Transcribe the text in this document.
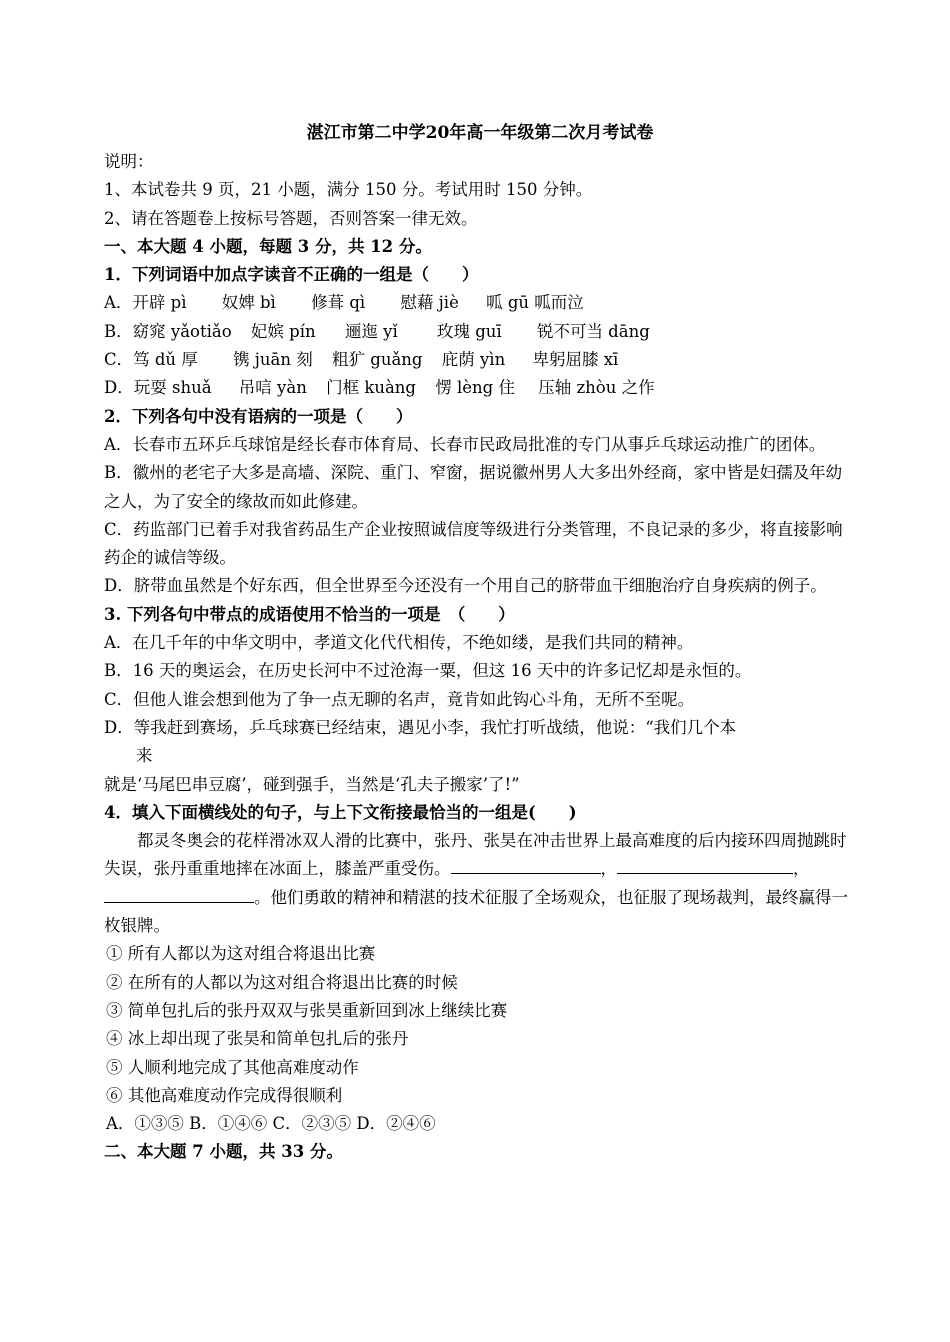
湛江市第二中学20年高一年级第二次月考试卷
说明：
1、本试卷共 9 页，21 小题，满分 150 分。考试用时 150 分钟。
2、请在答题卷上按标号答题，否则答案一律无效。
一、本大题 4 小题，每题 3 分，共 12 分。
1．下列词语中加点字读音不正确的一组是（　　）
A．开辟 pì 奴婢 bì 修葺 qì 慰藉 jiè 呱 gū 呱而泣
B．窈窕 yǎotiǎo 妃嫔 pín 逦迤 yǐ 玫瑰 guī 锐不可当 dāng
C．笃 dǔ 厚 镌 juān 刻 粗犷 guǎng 庇荫 yìn 卑躬屈膝 xī
D．玩耍 shuǎ 吊唁 yàn 门框 kuàng 愣 lèng 住 压轴 zhòu 之作
2．下列各句中没有语病的一项是（　　）
A．长春市五环乒乓球馆是经长春市体育局、长春市民政局批准的专门从事乒乓球运动推广的团体。
B．徽州的老宅子大多是高墙、深院、重门、窄窗，据说徽州男人大多出外经商，家中皆是妇孺及年幼之人，为了安全的缘故而如此修建。
C．药监部门已着手对我省药品生产企业按照诚信度等级进行分类管理，不良记录的多少，将直接影响药企的诚信等级。
D．脐带血虽然是个好东西，但全世界至今还没有一个用自己的脐带血干细胞治疗自身疾病的例子。
3. 下列各句中带点的成语使用不恰当的一项是　（　　）
A．在几千年的中华文明中，孝道文化代代相传，不绝如缕，是我们共同的精神。
B．16 天的奥运会，在历史长河中不过沧海一粟，但这 16 天中的许多记忆却是永恒的。
C．但他人谁会想到他为了争一点无聊的名声，竟肯如此钩心斗角，无所不至呢。
D．等我赶到赛场，乒乓球赛已经结束，遇见小李，我忙打听战绩，他说：“我们几个本
来
就是‘马尾巴串豆腐’，碰到强手，当然是‘孔夫子搬家’了!”
4．填入下面横线处的句子，与上下文衔接最恰当的一组是(　　)
都灵冬奥会的花样滑冰双人滑的比赛中，张丹、张昊在冲击世界上最高难度的后内接环四周抛跳时失误，张丹重重地摔在冰面上，膝盖严重受伤。	，	，。他们勇敢的精神和精湛的技术征服了全场观众，也征服了现场裁判，最终赢得一枚银牌。
① 所有人都以为这对组合将退出比赛
② 在所有的人都以为这对组合将退出比赛的时候
③ 简单包扎后的张丹双双与张昊重新回到冰上继续比赛
④ 冰上却出现了张昊和简单包扎后的张丹
⑤ 人顺利地完成了其他高难度动作
⑥ 其他高难度动作完成得很顺利
A．①③⑤ B．①④⑥ C．②③⑤ D．②④⑥
二、本大题 7 小题，共 33 分。
